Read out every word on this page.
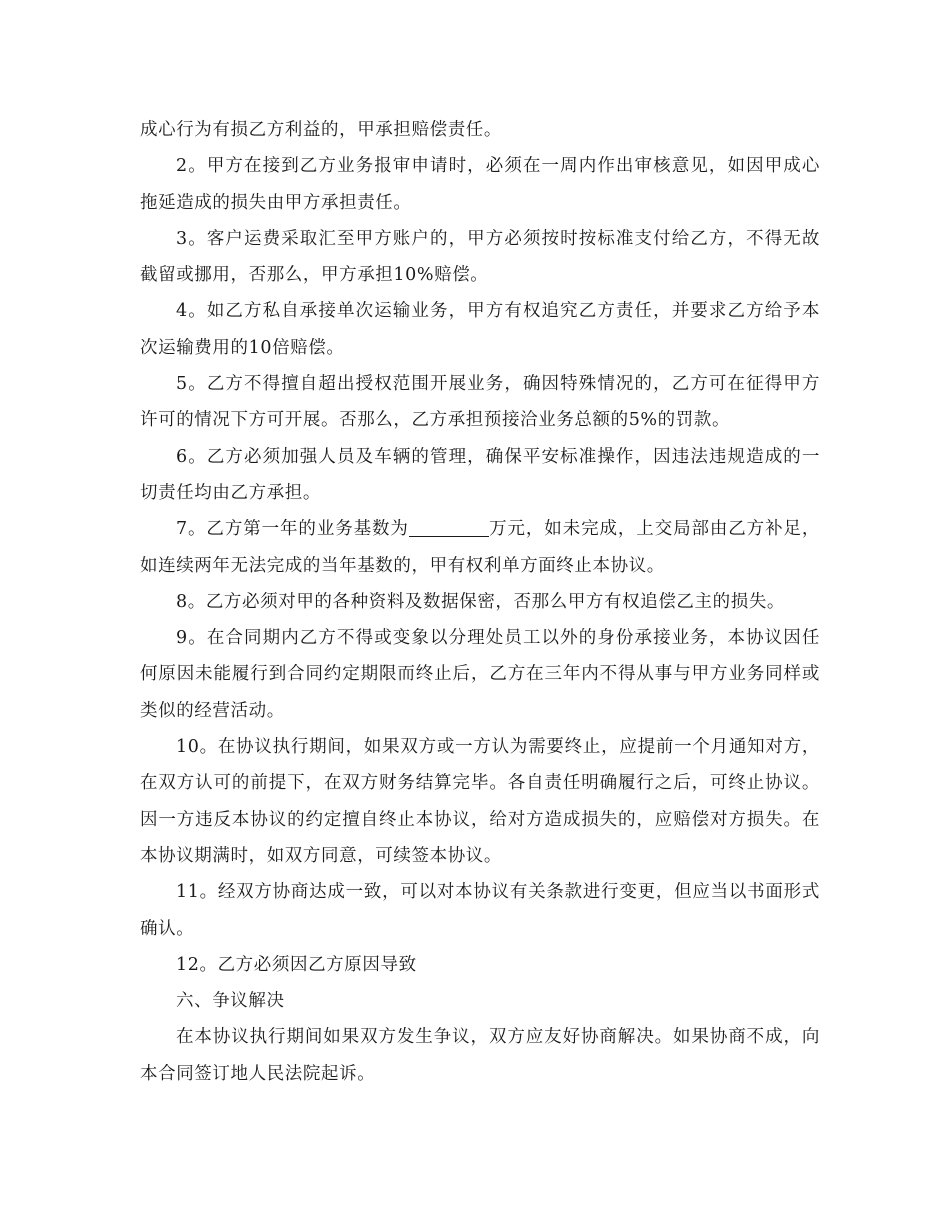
成心行为有损乙方利益的，甲承担赔偿责任。

2。甲方在接到乙方业务报审申请时，必须在一周内作出审核意见，如因甲成心拖延造成的损失由甲方承担责任。

3。客户运费采取汇至甲方账户的，甲方必须按时按标准支付给乙方，不得无故截留或挪用，否那么，甲方承担10%赔偿。

4。如乙方私自承接单次运输业务，甲方有权追究乙方责任，并要求乙方给予本次运输费用的10倍赔偿。

5。乙方不得擅自超出授权范围开展业务，确因特殊情况的，乙方可在征得甲方许可的情况下方可开展。否那么，乙方承担预接洽业务总额的5%的罚款。

6。乙方必须加强人员及车辆的管理，确保平安标准操作，因违法违规造成的一切责任均由乙方承担。

7。乙方第一年的业务基数为	万元，如未完成，上交局部由乙方补足，如连续两年无法完成的当年基数的，甲有权利单方面终止本协议。

8。乙方必须对甲的各种资料及数据保密，否那么甲方有权追偿乙主的损失。

9。在合同期内乙方不得或变象以分理处员工以外的身份承接业务，本协议因任何原因未能履行到合同约定期限而终止后，乙方在三年内不得从事与甲方业务同样或类似的经营活动。

10。在协议执行期间，如果双方或一方认为需要终止，应提前一个月通知对方，在双方认可的前提下，在双方财务结算完毕。各自责任明确履行之后，可终止协议。因一方违反本协议的约定擅自终止本协议，给对方造成损失的，应赔偿对方损失。在本协议期满时，如双方同意，可续签本协议。

11。经双方协商达成一致，可以对本协议有关条款进行变更，但应当以书面形式确认。

12。乙方必须因乙方原因导致

六、争议解决

在本协议执行期间如果双方发生争议，双方应友好协商解决。如果协商不成，向本合同签订地人民法院起诉。
